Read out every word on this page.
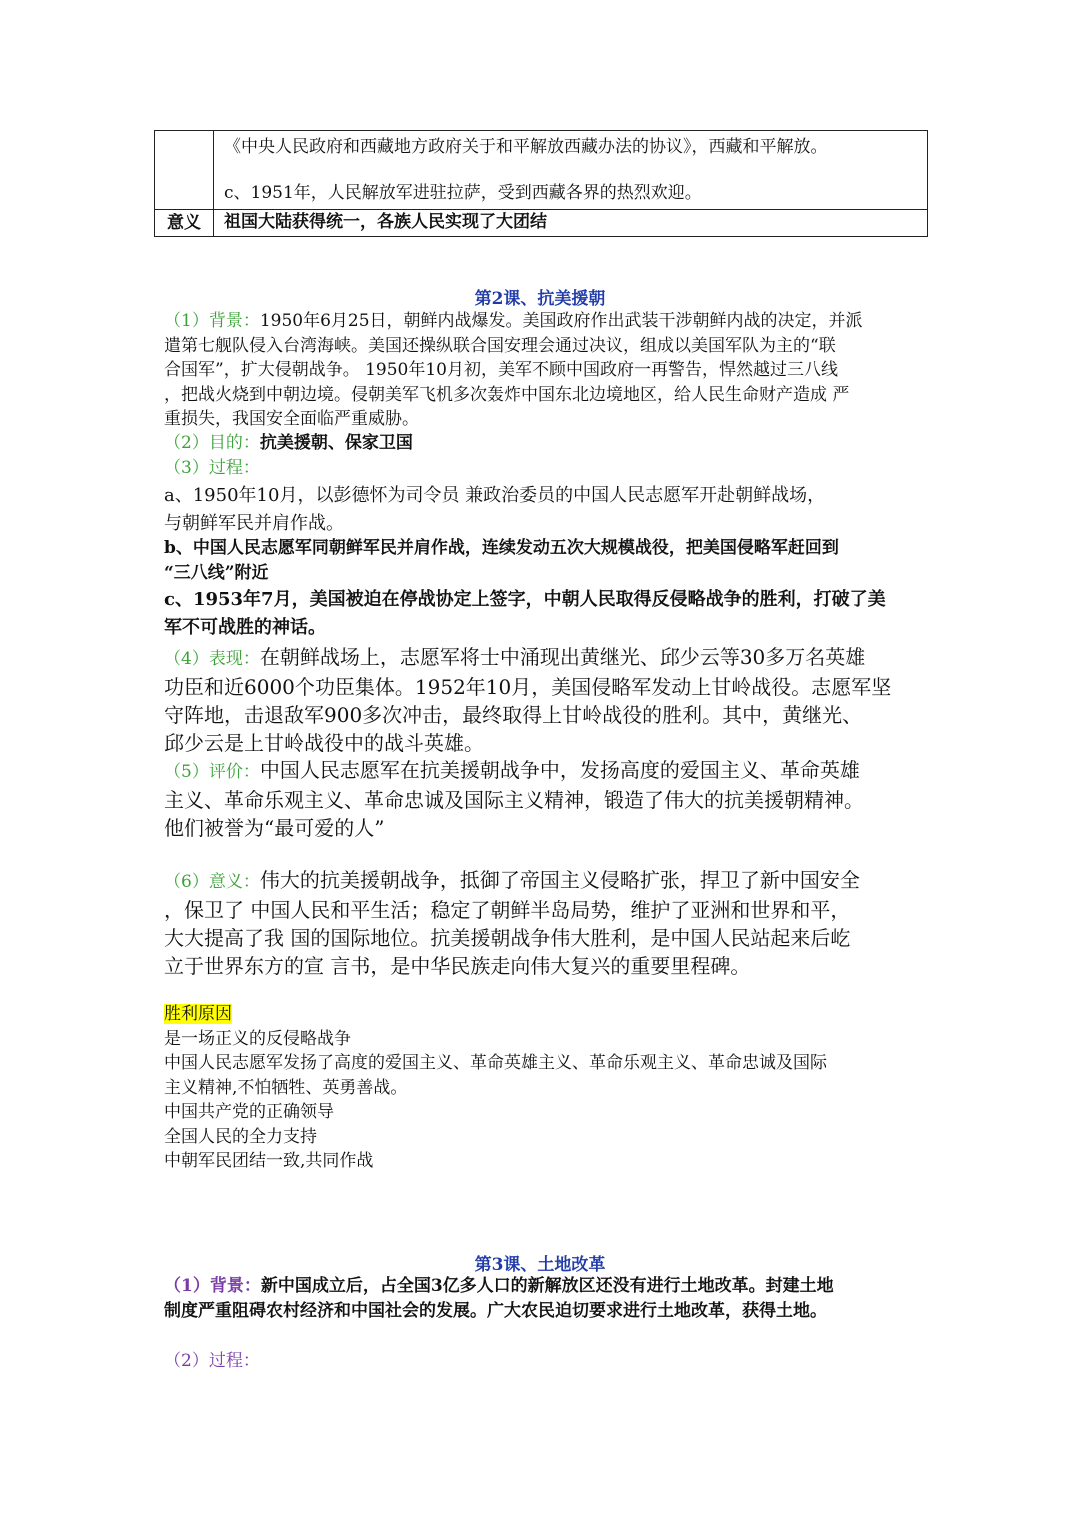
	《中央人民政府和西藏地方政府关于和平解放西藏办法的协议》，西藏和平解放。

c、1951年，人民解放军进驻拉萨，受到西藏各界的热烈欢迎。

意义	祖国大陆获得统一，各族人民实现了大团结

第2课、抗美援朝

（1）背景：1950年6月25日，朝鲜内战爆发。美国政府作出武装干涉朝鲜内战的决定，并派
遣第七舰队侵入台湾海峡。美国还操纵联合国安理会通过决议，组成以美国军队为主的“联
合国军”，扩大侵朝战争。 1950年10月初，美军不顾中国政府一再警告，悍然越过三八线
，把战火烧到中朝边境。侵朝美军飞机多次轰炸中国东北边境地区，给人民生命财产造成 严
重损失，我国安全面临严重威胁。
（2）目的：抗美援朝、保家卫国
（3）过程：
a、1950年10月，以彭德怀为司令员 兼政治委员的中国人民志愿军开赴朝鲜战场，
与朝鲜军民并肩作战。
b、中国人民志愿军同朝鲜军民并肩作战，连续发动五次大规模战役，把美国侵略军赶回到
“三八线”附近
c、1953年7月，美国被迫在停战协定上签字，中朝人民取得反侵略战争的胜利，打破了美
军不可战胜的神话。
（4）表现：在朝鲜战场上，志愿军将士中涌现出黄继光、邱少云等30多万名英雄
功臣和近6000个功臣集体。1952年10月，美国侵略军发动上甘岭战役。志愿军坚
守阵地，击退敌军900多次冲击，最终取得上甘岭战役的胜利。其中，黄继光、
邱少云是上甘岭战役中的战斗英雄。
（5）评价：中国人民志愿军在抗美援朝战争中，发扬高度的爱国主义、革命英雄
主义、革命乐观主义、革命忠诚及国际主义精神，锻造了伟大的抗美援朝精神。
他们被誉为“最可爱的人”
（6）意义：伟大的抗美援朝战争，抵御了帝国主义侵略扩张，捍卫了新中国安全
，保卫了 中国人民和平生活；稳定了朝鲜半岛局势，维护了亚洲和世界和平，
大大提高了我 国的国际地位。抗美援朝战争伟大胜利，是中国人民站起来后屹
立于世界东方的宣 言书，是中华民族走向伟大复兴的重要里程碑。
胜利原因
是一场正义的反侵略战争
中国人民志愿军发扬了高度的爱国主义、革命英雄主义、革命乐观主义、革命忠诚及国际
主义精神,不怕牺牲、英勇善战。
中国共产党的正确领导
全国人民的全力支持
中朝军民团结一致,共同作战

第3课、土地改革

（1）背景：新中国成立后，占全国3亿多人口的新解放区还没有进行土地改革。封建土地
制度严重阻碍农村经济和中国社会的发展。广大农民迫切要求进行土地改革，获得土地。
（2）过程：
